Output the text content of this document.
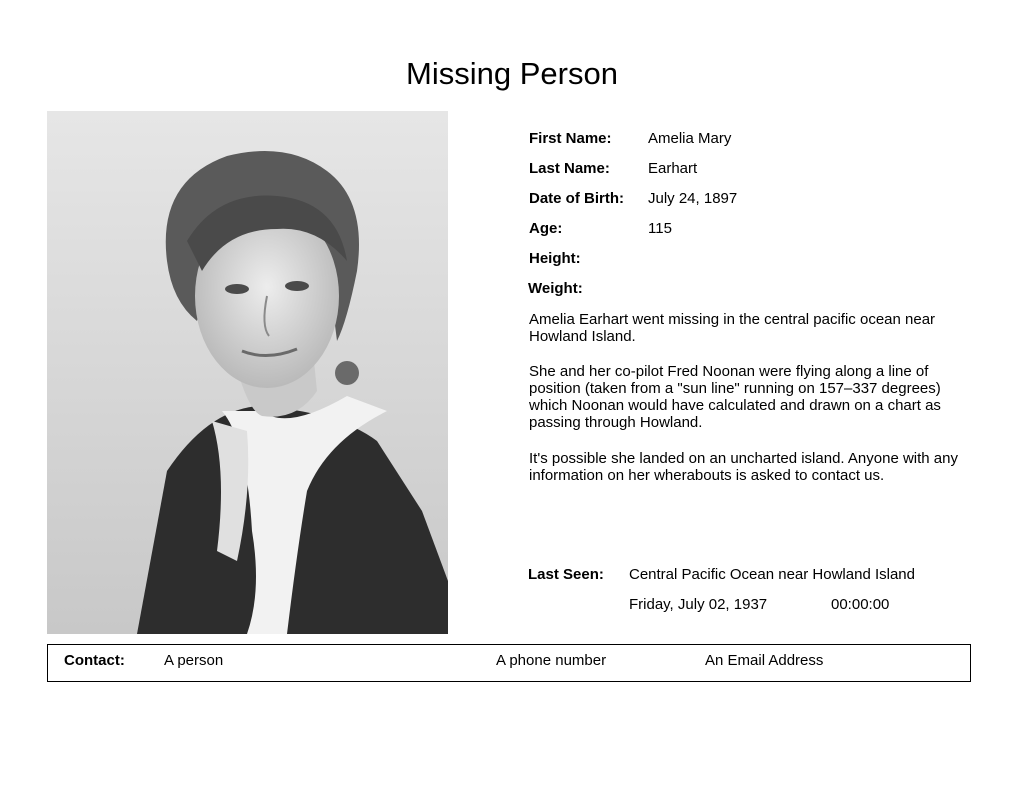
Missing Person
First Name: Amelia Mary
Last Name:	Earhart
Date of Birth: July 24, 1897
Age:	115
Height:
Weight:
Amelia Earhart went missing in the central pacific ocean near Howland Island.
She and her co-pilot Fred Noonan were flying along a line of position (taken from a "sun line" running on 157–337 degrees) which Noonan would have calculated and drawn on a chart as passing through Howland.
It's possible she landed on an uncharted island. Anyone with any information on her wherabouts is asked to contact us.
Last Seen: Central Pacific Ocean near Howland Island
Friday, July 02, 1937	00:00:00
Contact:	A person	A phone number	An Email Address
